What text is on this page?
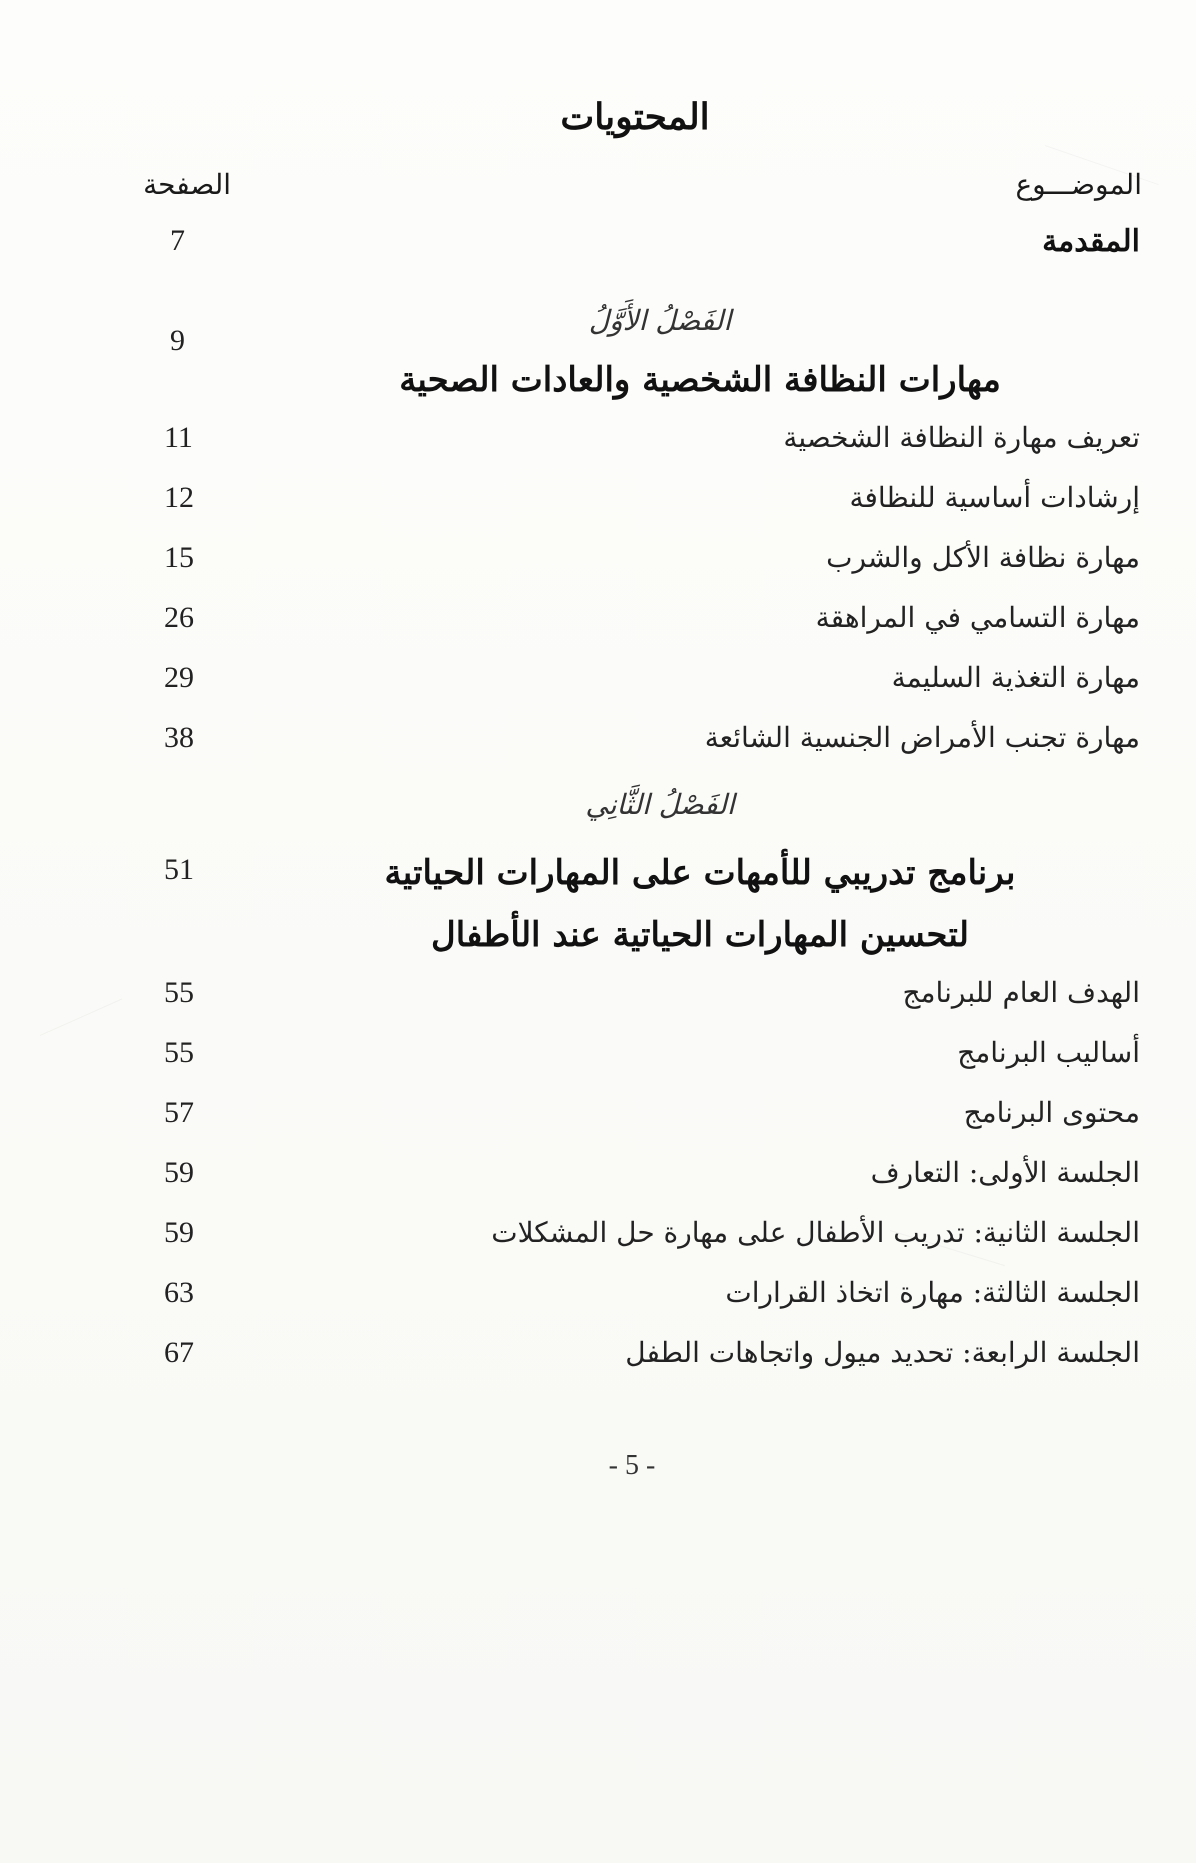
المحتويات
الموضـــوع
الصفحة
المقدمة
7
الفَصْلُ الأَوَّلُ
9
مهارات النظافة الشخصية والعادات الصحية
تعريف مهارة النظافة الشخصية
11
إرشادات أساسية للنظافة
12
مهارة نظافة الأكل والشرب
15
مهارة التسامي في المراهقة
26
مهارة التغذية السليمة
29
مهارة تجنب الأمراض الجنسية الشائعة
38
الفَصْلُ الثَّانِي
برنامج تدريبي للأمهات على المهارات الحياتية
51
لتحسين المهارات الحياتية عند الأطفال
الهدف العام للبرنامج
55
أساليب البرنامج
55
محتوى البرنامج
57
الجلسة الأولى: التعارف
59
الجلسة الثانية: تدريب الأطفال على مهارة حل المشكلات
59
الجلسة الثالثة: مهارة اتخاذ القرارات
63
الجلسة الرابعة: تحديد ميول واتجاهات الطفل
67
- 5 -
